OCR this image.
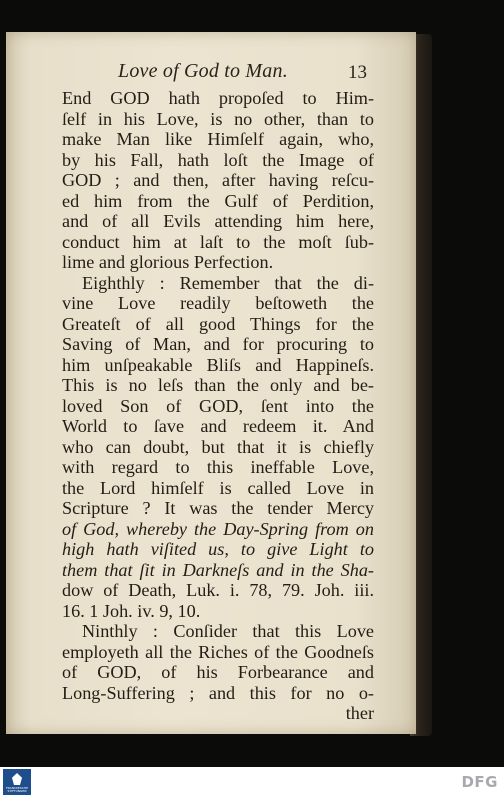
Love of God to Man.	13
End GOD hath propoſed to Him-
ſelf in his Love, is no other, than to
make Man like Himſelf again, who,
by his Fall, hath loſt the Image of
GOD ; and then, after having reſcu-
ed him from the Gulf of Perdition,
and of all Evils attending him here,
conduct him at laſt to the moſt ſub-
lime and glorious Perfection.
Eighthly : Remember that the di-
vine Love readily beſtoweth the
Greateſt of all good Things for the
Saving of Man, and for procuring to
him unſpeakable Bliſs and Happineſs.
This is no leſs than the only and be-
loved Son of GOD, ſent into the
World to ſave and redeem it. And
who can doubt, but that it is chiefly
with regard to this ineffable Love,
the Lord himſelf is called Love in
Scripture ? It was the tender Mercy
of God, whereby the Day-Spring from on
high hath viſited us, to give Light to
them that ſit in Darkneſs and in the Sha-
dow of Death, Luk. i. 78, 79. Joh. iii.
16. 1 Joh. iv. 9, 10.
Ninthly : Conſider that this Love
employeth all the Riches of the Goodneſs
of GOD, of his Forbearance and
Long-Suffering ; and this for no o-
ther
FRANCKESCHE STIFTUNGEN	DFG
